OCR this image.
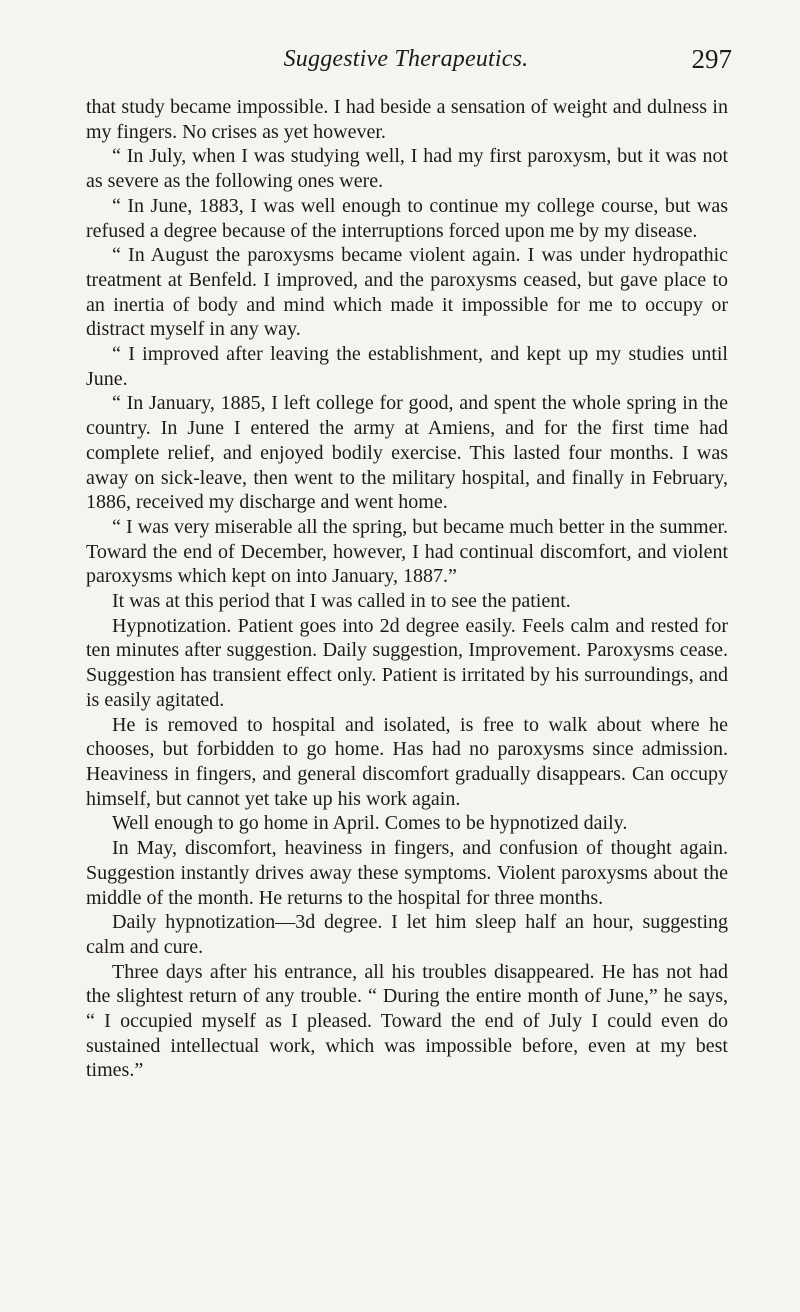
Suggestive Therapeutics.	297

that study became impossible. I had beside a sensation of weight and dulness in my fingers. No crises as yet however.

“ In July, when I was studying well, I had my first paroxysm, but it was not as severe as the following ones were.

“ In June, 1883, I was well enough to continue my college course, but was refused a degree because of the interruptions forced upon me by my disease.

“ In August the paroxysms became violent again. I was under hydropathic treatment at Benfeld. I improved, and the paroxysms ceased, but gave place to an inertia of body and mind which made it impossible for me to occupy or distract myself in any way.

“ I improved after leaving the establishment, and kept up my studies until June.

“ In January, 1885, I left college for good, and spent the whole spring in the country. In June I entered the army at Amiens, and for the first time had complete relief, and enjoyed bodily exercise. This lasted four months. I was away on sick-leave, then went to the military hospital, and finally in February, 1886, received my discharge and went home.

“ I was very miserable all the spring, but became much better in the summer. Toward the end of December, however, I had continual discomfort, and violent paroxysms which kept on into January, 1887.”

It was at this period that I was called in to see the patient.

Hypnotization. Patient goes into 2d degree easily. Feels calm and rested for ten minutes after suggestion. Daily suggestion, Improvement. Paroxysms cease. Suggestion has transient effect only. Patient is irritated by his surroundings, and is easily agitated.

He is removed to hospital and isolated, is free to walk about where he chooses, but forbidden to go home. Has had no paroxysms since admission. Heaviness in fingers, and general discomfort gradually disappears. Can occupy himself, but cannot yet take up his work again.

Well enough to go home in April. Comes to be hypnotized daily.

In May, discomfort, heaviness in fingers, and confusion of thought again. Suggestion instantly drives away these symptoms. Violent paroxysms about the middle of the month. He returns to the hospital for three months.

Daily hypnotization—3d degree. I let him sleep half an hour, suggesting calm and cure.

Three days after his entrance, all his troubles disappeared. He has not had the slightest return of any trouble. “ During the entire month of June,” he says, “ I occupied myself as I pleased. Toward the end of July I could even do sustained intellectual work, which was impossible before, even at my best times.”
